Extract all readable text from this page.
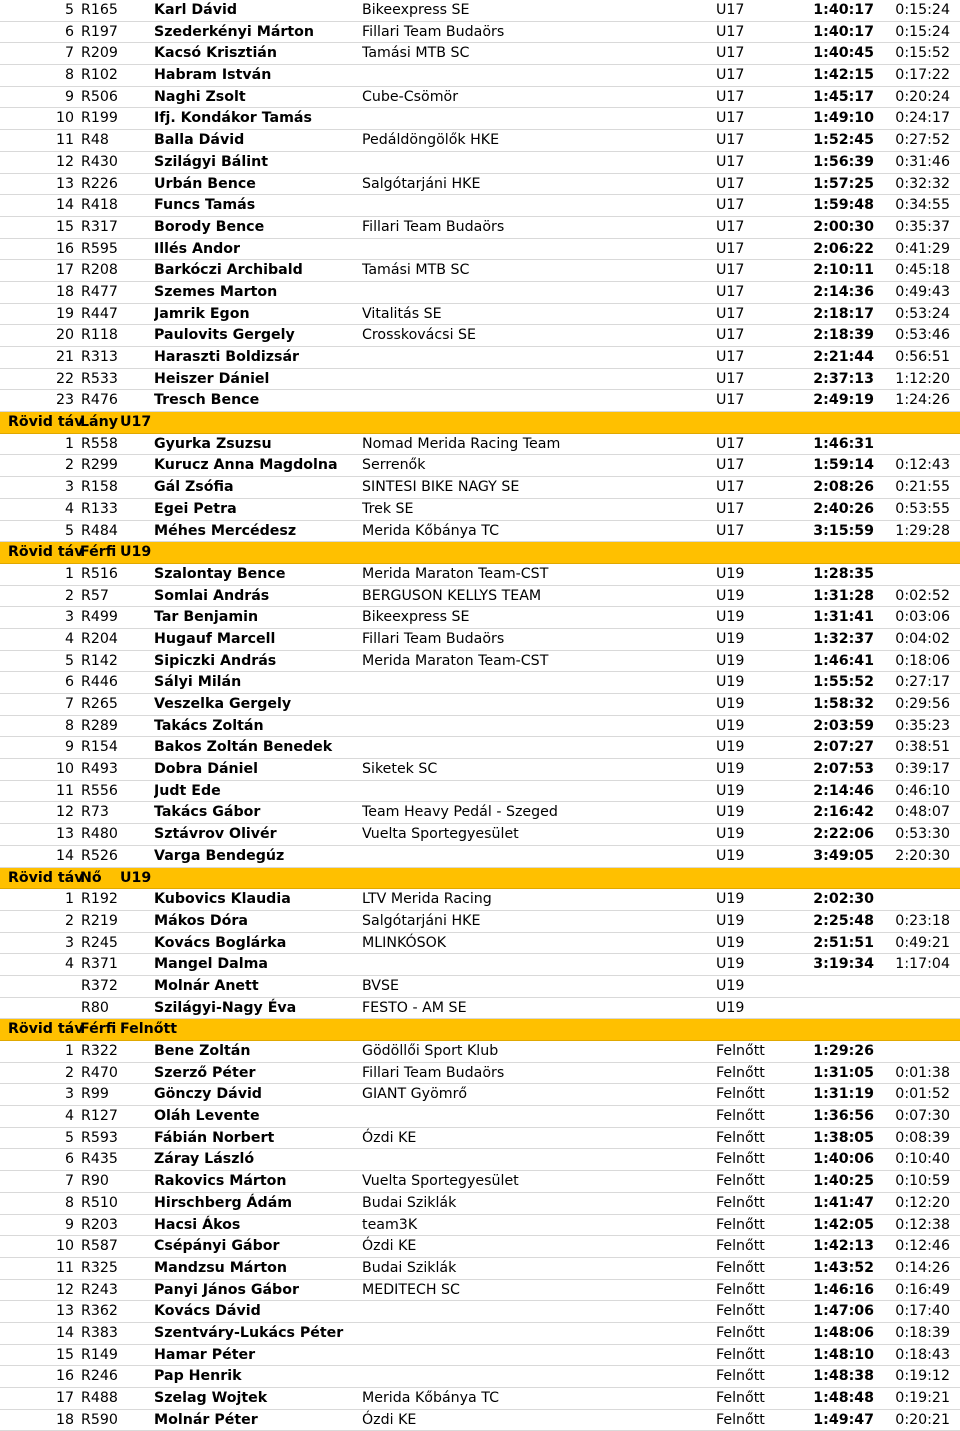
5 R165	Karl Dávid	Bikeexpress SE	U17	1:40:17	0:15:24
6 R197	Szederkényi Márton	Fillari Team Budaörs	U17	1:40:17	0:15:24
7 R209	Kacsó Krisztián	Tamási MTB SC	U17	1:40:45	0:15:52
8 R102	Habram István	U17	1:42:15	0:17:22
9 R506	Naghi Zsolt	Cube-Csömör	U17	1:45:17	0:20:24
10 R199	Ifj. Kondákor Tamás	U17	1:49:10	0:24:17
11 R48	Balla Dávid	Pedáldöngölők HKE	U17	1:52:45	0:27:52
12 R430	Szilágyi Bálint	U17	1:56:39	0:31:46
13 R226	Urbán Bence	Salgótarjáni HKE	U17	1:57:25	0:32:32
14 R418	Funcs Tamás	U17	1:59:48	0:34:55
15 R317	Borody Bence	Fillari Team Budaörs	U17	2:00:30	0:35:37
16 R595	Illés Andor	U17	2:06:22	0:41:29
17 R208	Barkóczi Archibald	Tamási MTB SC	U17	2:10:11	0:45:18
18 R477	Szemes Marton	U17	2:14:36	0:49:43
19 R447	Jamrik Egon	Vitalitás SE	U17	2:18:17	0:53:24
20 R118	Paulovits Gergely	Crosskovácsi SE	U17	2:18:39	0:53:46
21 R313	Haraszti Boldizsár	U17	2:21:44	0:56:51
22 R533	Heiszer Dániel	U17	2:37:13	1:12:20
23 R476	Tresch Bence	U17	2:49:19	1:24:26
Rövid táv
Lány U17
1 R558	Gyurka Zsuzsu	Nomad Merida Racing Team	U17	1:46:31
2 R299	Kurucz Anna Magdolna	Serrenők	U17	1:59:14	0:12:43
3 R158	Gál Zsófia	SINTESI BIKE NAGY SE	U17	2:08:26	0:21:55
4 R133	Egei Petra	Trek SE	U17	2:40:26	0:53:55
5 R484	Méhes Mercédesz	Merida Kőbánya TC	U17	3:15:59	1:29:28
Rövid táv
Férfi U19
1 R516	Szalontay Bence	Merida Maraton Team-CST	U19	1:28:35
2 R57	Somlai András	BERGUSON KELLYS TEAM	U19	1:31:28	0:02:52
3 R499	Tar Benjamin	Bikeexpress SE	U19	1:31:41	0:03:06
4 R204	Hugauf Marcell	Fillari Team Budaörs	U19	1:32:37	0:04:02
5 R142	Sipiczki András	Merida Maraton Team-CST	U19	1:46:41	0:18:06
6 R446	Sályi Milán	U19	1:55:52	0:27:17
7 R265	Veszelka Gergely	U19	1:58:32	0:29:56
8 R289	Takács Zoltán	U19	2:03:59	0:35:23
9 R154	Bakos Zoltán Benedek	U19	2:07:27	0:38:51
10 R493	Dobra Dániel	Siketek SC	U19	2:07:53	0:39:17
11 R556	Judt Ede	U19	2:14:46	0:46:10
12 R73	Takács Gábor	Team Heavy Pedál - Szeged	U19	2:16:42	0:48:07
13 R480	Sztávrov Olivér	Vuelta Sportegyesület	U19	2:22:06	0:53:30
14 R526	Varga Bendegúz	U19	3:49:05	2:20:30
Rövid táv
Nő U19
1 R192	Kubovics Klaudia	LTV Merida Racing	U19	2:02:30
2 R219	Mákos Dóra	Salgótarjáni HKE	U19	2:25:48	0:23:18
3 R245	Kovács Boglárka	MLINKÓSOK	U19	2:51:51	0:49:21
4 R371	Mangel Dalma	U19	3:19:34	1:17:04
R372	Molnár Anett	BVSE	U19
R80	Szilágyi-Nagy Éva	FESTO - AM SE	U19
Rövid táv
Férfi Felnőtt
1 R322	Bene Zoltán	Gödöllői Sport Klub	Felnőtt	1:29:26
2 R470	Szerző Péter	Fillari Team Budaörs	Felnőtt	1:31:05	0:01:38
3 R99	Gönczy Dávid	GIANT Gyömrő	Felnőtt	1:31:19	0:01:52
4 R127	Oláh Levente	Felnőtt	1:36:56	0:07:30
5 R593	Fábián Norbert	Ózdi KE	Felnőtt	1:38:05	0:08:39
6 R435	Záray László	Felnőtt	1:40:06	0:10:40
7 R90	Rakovics Márton	Vuelta Sportegyesület	Felnőtt	1:40:25	0:10:59
8 R510	Hirschberg Ádám	Budai Sziklák	Felnőtt	1:41:47	0:12:20
9 R203	Hacsi Ákos	team3K	Felnőtt	1:42:05	0:12:38
10 R587	Csépányi Gábor	Ózdi KE	Felnőtt	1:42:13	0:12:46
11 R325	Mandzsu Márton	Budai Sziklák	Felnőtt	1:43:52	0:14:26
12 R243	Panyi János Gábor	MEDITECH SC	Felnőtt	1:46:16	0:16:49
13 R362	Kovács Dávid	Felnőtt	1:47:06	0:17:40
14 R383	Szentváry-Lukács Péter	Felnőtt	1:48:06	0:18:39
15 R149	Hamar Péter	Felnőtt	1:48:10	0:18:43
16 R246	Pap Henrik	Felnőtt	1:48:38	0:19:12
17 R488	Szelag Wojtek	Merida Kőbánya TC	Felnőtt	1:48:48	0:19:21
18 R590	Molnár Péter	Ózdi KE	Felnőtt	1:49:47	0:20:21
